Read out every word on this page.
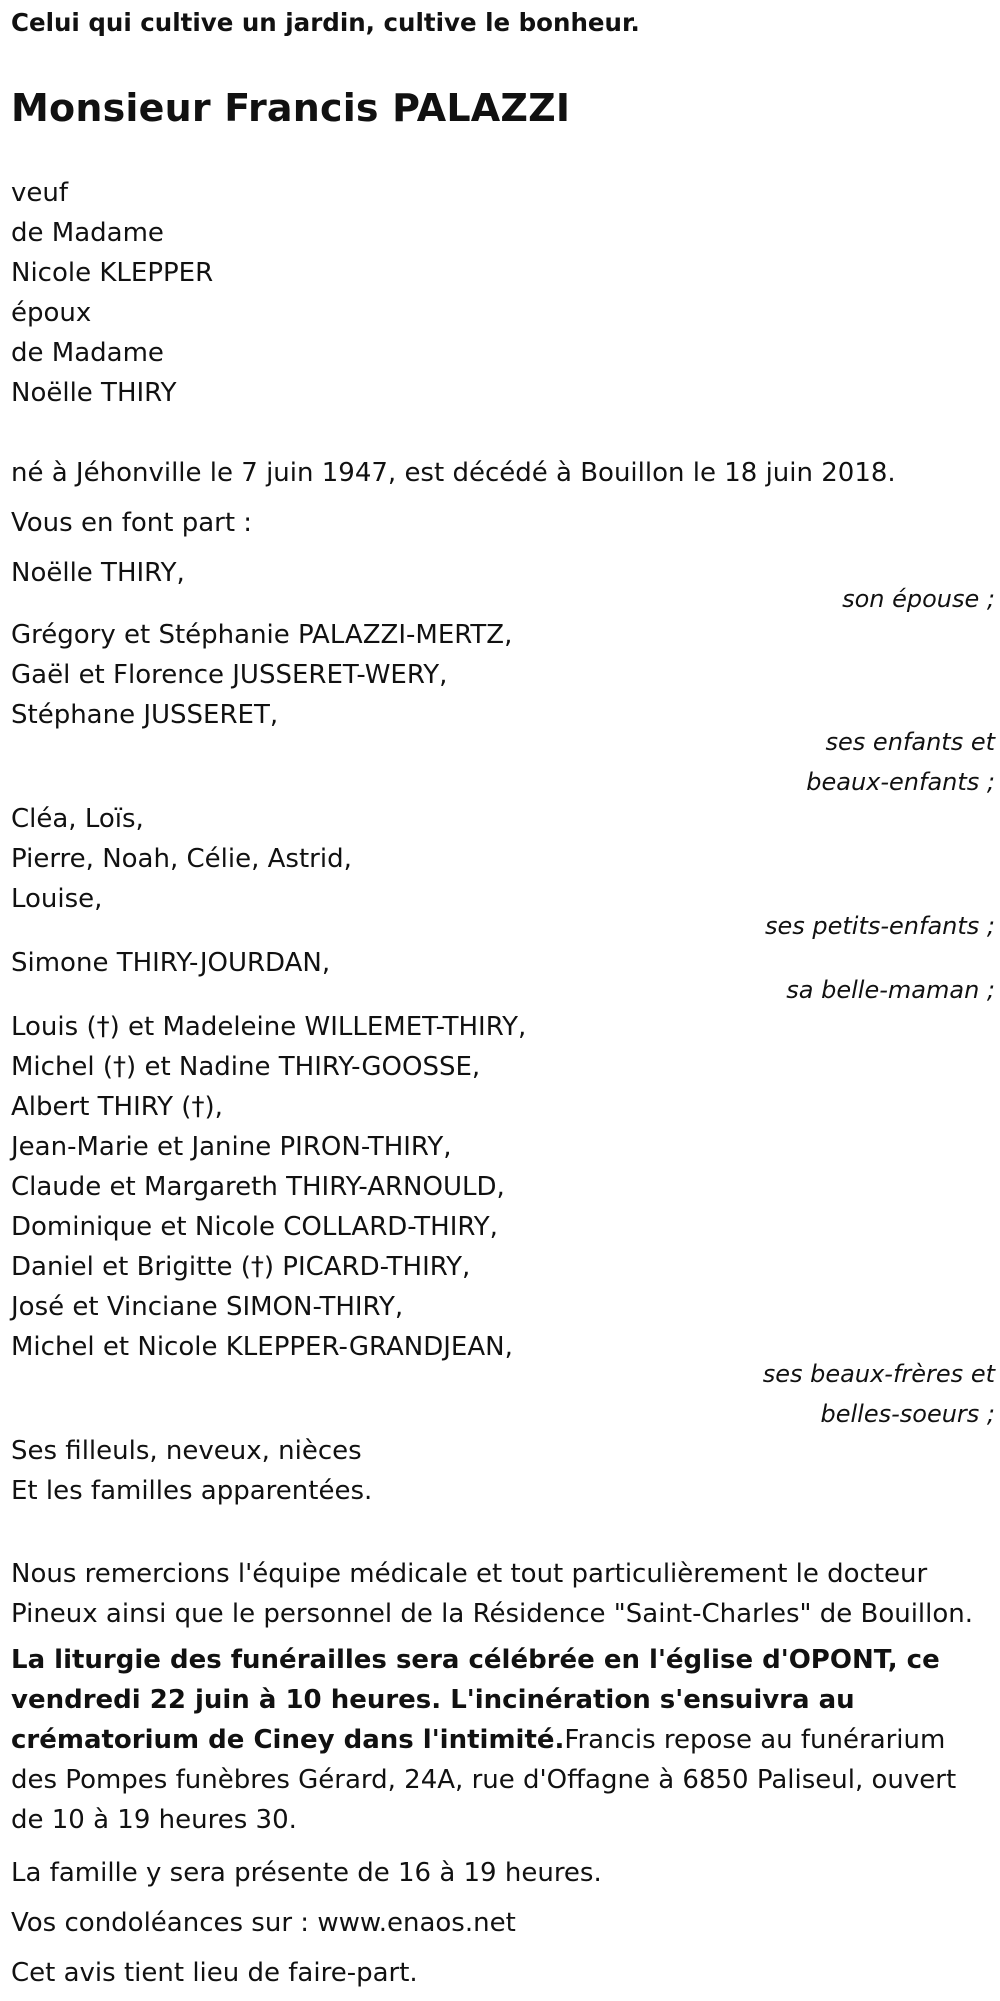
Celui qui cultive un jardin, cultive le bonheur.
Monsieur Francis PALAZZI
veuf
de Madame
Nicole KLEPPER
époux
de Madame
Noëlle THIRY
né à Jéhonville le 7 juin 1947, est décédé à Bouillon le 18 juin 2018.
Vous en font part :
Noëlle THIRY,
son épouse ;
Grégory et Stéphanie PALAZZI-MERTZ,
Gaël et Florence JUSSERET-WERY,
Stéphane JUSSERET,
ses enfants et
beaux-enfants ;
Cléa, Loïs,
Pierre, Noah, Célie, Astrid,
Louise,
ses petits-enfants ;
Simone THIRY-JOURDAN,
sa belle-maman ;
Louis (†) et Madeleine WILLEMET-THIRY,
Michel (†) et Nadine THIRY-GOOSSE,
Albert THIRY (†),
Jean-Marie et Janine PIRON-THIRY,
Claude et Margareth THIRY-ARNOULD,
Dominique et Nicole COLLARD-THIRY,
Daniel et Brigitte (†) PICARD-THIRY,
José et Vinciane SIMON-THIRY,
Michel et Nicole KLEPPER-GRANDJEAN,
ses beaux-frères et
belles-soeurs ;
Ses filleuls, neveux, nièces
Et les familles apparentées.
Nous remercions l'équipe médicale et tout particulièrement le docteur Pineux ainsi que le personnel de la Résidence "Saint-Charles" de Bouillon.
La liturgie des funérailles sera célébrée en l'église d'OPONT, ce vendredi 22 juin à 10 heures. L'incinération s'ensuivra au crématorium de Ciney dans l'intimité.Francis repose au funérarium des Pompes funèbres Gérard, 24A, rue d'Offagne à 6850 Paliseul, ouvert de 10 à 19 heures 30.
La famille y sera présente de 16 à 19 heures.
Vos condoléances sur : www.enaos.net
Cet avis tient lieu de faire-part.
